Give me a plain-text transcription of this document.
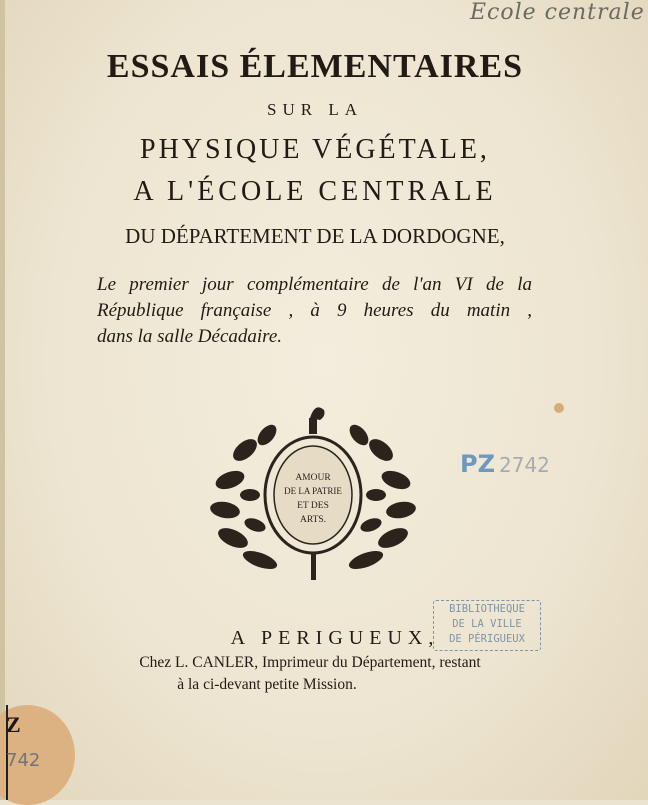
Ecole centrale
ESSAIS ÉLEMENTAIRES
SUR LA
PHYSIQUE VÉGÉTALE,
A L'ÉCOLE CENTRALE
DU DÉPARTEMENT DE LA DORDOGNE,
Le premier jour complémentaire de l'an VI de la
République française , à 9 heures du matin ,
dans la salle Décadaire.
AMOUR
DE LA PATRIE
ET DES
ARTS.
PZ 2742
BIBLIOTHEQUE
DE LA VILLE
DE PÉRIGUEUX
A PERIGUEUX,
Chez L. CANLER, Imprimeur du Département, restant
à la ci-devant petite Mission.
Z
742
